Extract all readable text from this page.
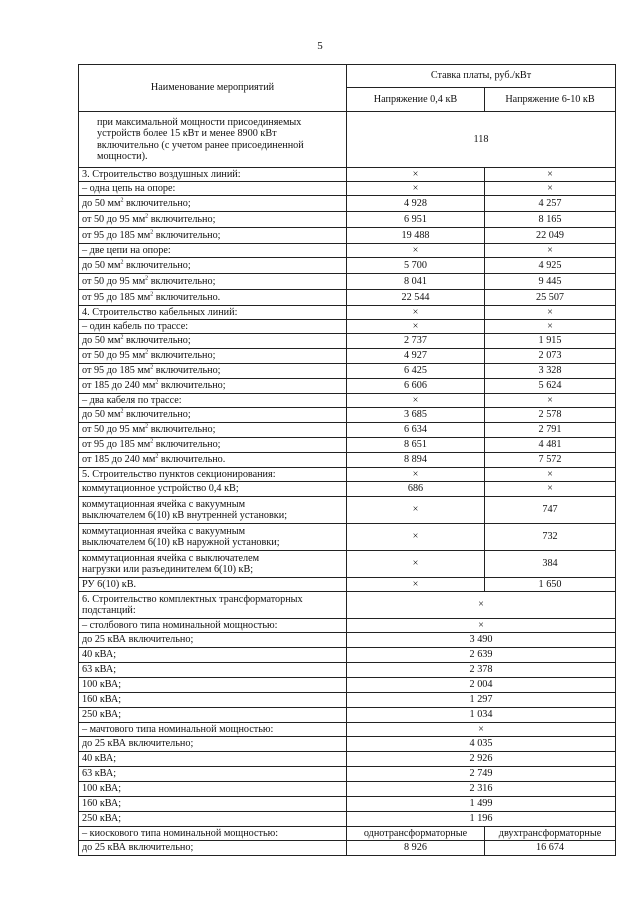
5
Наименование мероприятий	Ставка платы, руб./кВт	
	Напряжение 0,4 кВ	Напряжение 6-10 кВ

при максимальной мощности присоединяемых
устройств более 15 кВт и менее 8900 кВт
включительно (с учетом ранее присоединенной
мощности).	118	
3. Строительство воздушных линий:	×	×
– одна цепь на опоре:	×	×
до 50 $мм^2$ включительно;	4 928	4 257
от 50 до 95 $мм^2$ включительно;	6 951	8 165
от 95 до 185 $мм^2$ включительно;	19 488	22 049
– две цепи на опоре:	×	×
до 50 $мм^2$ включительно;	5 700	4 925
от 50 до 95 $мм^2$ включительно;	8 041	9 445
от 95 до 185 $мм^2$ включительно.	22 544	25 507
4. Строительство кабельных линий:	×	×
– один кабель по трассе:	×	×
до 50 $мм^2$ включительно;	2 737	1 915
от 50 до 95 $мм^2$ включительно;	4 927	2 073
от 95 до 185 $мм^2$ включительно;	6 425	3 328
от 185 до 240 $мм^2$ включительно;	6 606	5 624
– два кабеля по трассе:	×	×
до 50 $мм^2$ включительно;	3 685	2 578
от 50 до 95 $мм^2$ включительно;	6 634	2 791
от 95 до 185 $мм^2$ включительно;	8 651	4 481
от 185 до 240 $мм^2$ включительно.	8 894	7 572
5. Строительство пунктов секционирования:	×	×
коммутационное устройство 0,4 кВ;	686	×

коммутационная ячейка с вакуумным
выключателем 6(10) кВ внутренней установки;	×	747

коммутационная ячейка с вакуумным
выключателем 6(10) кВ наружной установки;	×	732

коммутационная ячейка с выключателем
нагрузки или разъединителем 6(10) кВ;	×	384
РУ 6(10) кВ.	×	1 650

6. Строительство комплектных трансформаторных
подстанций:	×	
– столбового типа номинальной мощностью:	×	
до 25 кВА включительно;	3 490	
40 кВА;	2 639	
63 кВА;	2 378	
100 кВА;	2 004	
160 кВА;	1 297	
250 кВА;	1 034	
– мачтового типа номинальной мощностью:	×	
до 25 кВА включительно;	4 035	
40 кВА;	2 926	
63 кВА;	2 749	
100 кВА;	2 316	
160 кВА;	1 499	
250 кВА;	1 196	
– киоскового типа номинальной мощностью:	однотрансформаторные	двухтрансформаторные
до 25 кВА включительно;	8 926	16 674
